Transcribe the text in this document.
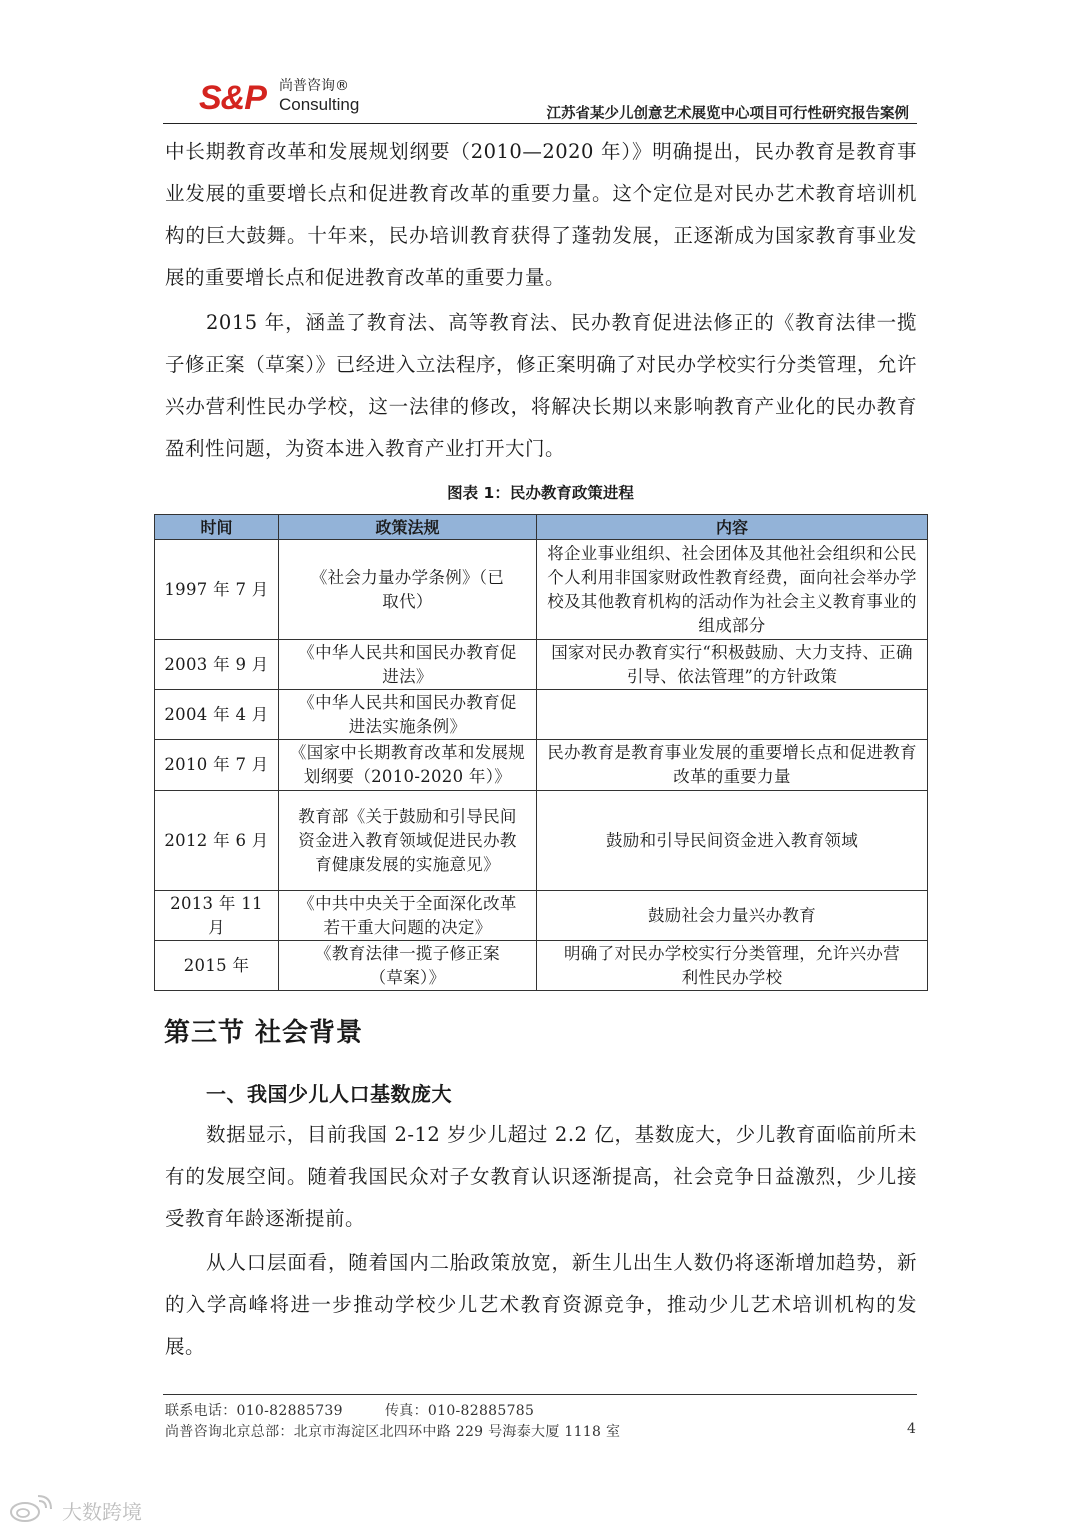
S&P 尚普咨询®
Consulting	江苏省某少儿创意艺术展览中心项目可行性研究报告案例

中长期教育改革和发展规划纲要（2010—2020 年）》明确提出，民办教育是教育事业发展的重要增长点和促进教育改革的重要力量。这个定位是对民办艺术教育培训机构的巨大鼓舞。十年来，民办培训教育获得了蓬勃发展，正逐渐成为国家教育事业发展的重要增长点和促进教育改革的重要力量。

2015 年，涵盖了教育法、高等教育法、民办教育促进法修正的《教育法律一揽子修正案（草案）》已经进入立法程序，修正案明确了对民办学校实行分类管理，允许兴办营利性民办学校，这一法律的修改，将解决长期以来影响教育产业化的民办教育盈利性问题，为资本进入教育产业打开大门。

图表 1：民办教育政策进程
时间	政策法规	内容
1997 年 7 月	《社会力量办学条例》（已取代）	将企业事业组织、社会团体及其他社会组织和公民个人利用非国家财政性教育经费，面向社会举办学校及其他教育机构的活动作为社会主义教育事业的组成部分
2003 年 9 月	《中华人民共和国民办教育促进法》	国家对民办教育实行“积极鼓励、大力支持、正确引导、依法管理”的方针政策
2004 年 4 月	《中华人民共和国民办教育促进法实施条例》	
2010 年 7 月	《国家中长期教育改革和发展规划纲要（2010-2020 年）》	民办教育是教育事业发展的重要增长点和促进教育改革的重要力量
2012 年 6 月	教育部《关于鼓励和引导民间资金进入教育领域促进民办教育健康发展的实施意见》	鼓励和引导民间资金进入教育领域
2013 年 11 月	《中共中央关于全面深化改革若干重大问题的决定》	鼓励社会力量兴办教育
2015 年	《教育法律一揽子修正案（草案）》	明确了对民办学校实行分类管理，允许兴办营利性民办学校
第三节 社会背景
一、我国少儿人口基数庞大

数据显示，目前我国 2-12 岁少儿超过 2.2 亿，基数庞大，少儿教育面临前所未有的发展空间。随着我国民众对子女教育认识逐渐提高，社会竞争日益激烈，少儿接受教育年龄逐渐提前。

从人口层面看，随着国内二胎政策放宽，新生儿出生人数仍将逐渐增加趋势，新的入学高峰将进一步推动学校少儿艺术教育资源竞争，推动少儿艺术培训机构的发展。

联系电话：010-82885739	传真：010-82885785
尚普咨询北京总部：北京市海淀区北四环中路 229 号海泰大厦 1118 室	4
大数跨境
